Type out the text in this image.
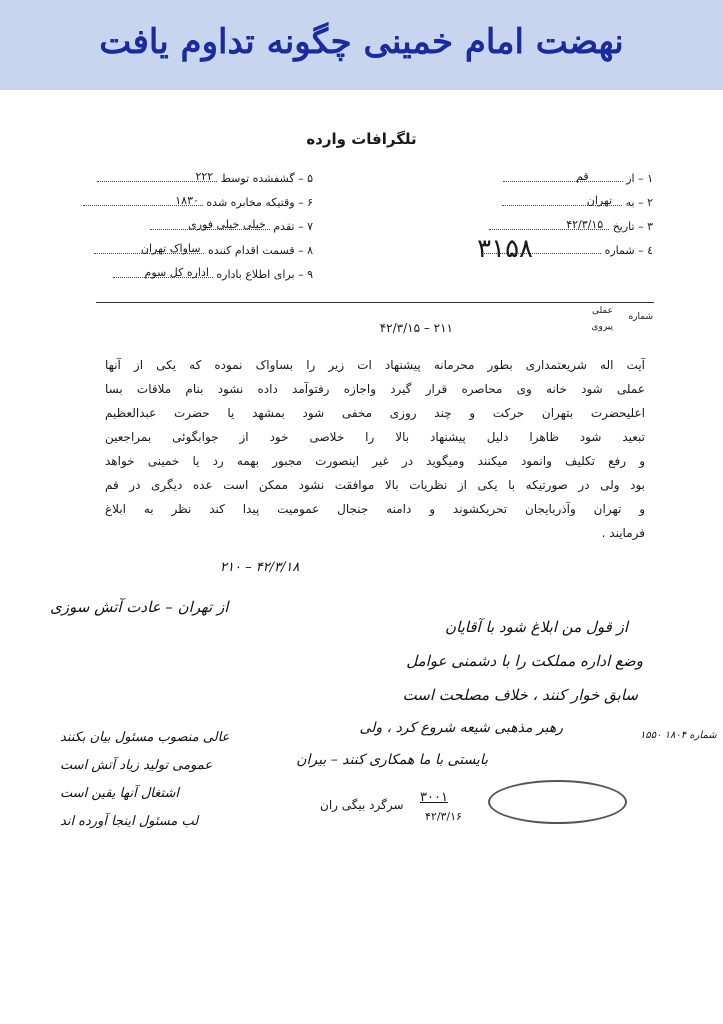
نهضت امام خمینی چگونه تداوم یافت
تلگرافات وارده
۱ – از
قم
۲ – به
تهران
۳ – تاریخ
۴۲/۳/۱۵
٤ – شماره
۳۱۵۸
۵ – گشفشده توسط
۲۲۲
۶ – وقتیکه مخابره شده
۱۸۳۰
۷ – تقدم
خیلی خیلی فوری
۸ – قسمت اقدام کننده
ساواک تهران
۹ – برای اطلاع باداره
اداره کل سوم
شماره
عملی
پیروی
۴۲/۳/۱۵ – ۲۱۱
آیت اله شریعتمداری بطور محرمانه پیشنهاد ات زیر را بساواک نموده که یکی از آنها
عملی شود خانه وی محاصره قرار گیرد واجازه رفتوآمد داده نشود بنام ملاقات بسا
اعلیحضرت بتهران حرکت و چند روزی مخفی شود بمشهد یا حضرت عبدالعظیم
تبعید شود ظاهرا دلیل پیشنهاد بالا را خلاصی خود از جوابگوئی بمراجعین
و رفع تکلیف وانمود میکنند ومیگوید در غیر اینصورت مجبور بهمه رد یا خمینی خواهد
بود ولی در صورتیکه با یکی از نظریات بالا موافقت نشود ممکن است عده دیگری در قم
و تهران وآذربایجان تحریکشوند و دامنه جنجال عمومیت پیدا کند نظر به ابلاغ
فرمایند .
۲۱۰ – ۴۲/۳/۱۸
از قول من ابلاغ شود با آقایان
وضع اداره مملکت را با دشمنی عوامل
سابق خوار کنند ، خلاف مصلحت است
رهبر مذهبی شیعه شروع کرد ، ولی
بایستی با ما همکاری کنند – بیران
عالی منصوب مسئول بیان بکنند
عمومی تولید زیاد آتش است
اشتغال آنها یقین است
لب مسئول اینجا آورده اند
از تهران – عادت آتش سوزی
شماره ۱۸۰۴ ۱۵۵۰
۳۰۰۱
۴۲/۳/۱۶
سرگرد بیگی ران
